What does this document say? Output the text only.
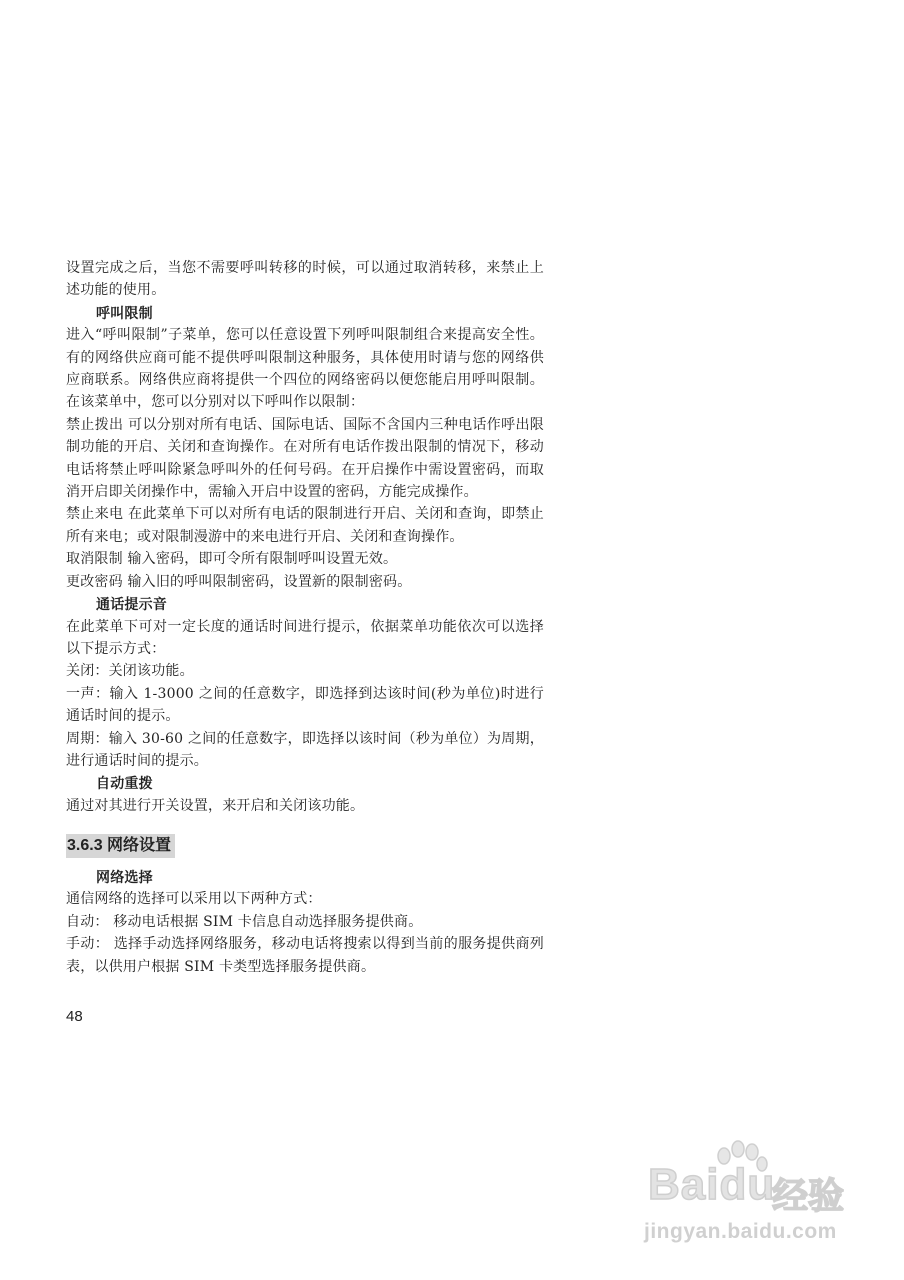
设置完成之后，当您不需要呼叫转移的时候，可以通过取消转移，来禁止上述功能的使用。

呼叫限制

进入“呼叫限制”子菜单，您可以任意设置下列呼叫限制组合来提高安全性。有的网络供应商可能不提供呼叫限制这种服务，具体使用时请与您的网络供应商联系。网络供应商将提供一个四位的网络密码以便您能启用呼叫限制。在该菜单中，您可以分别对以下呼叫作以限制：

禁止拨出 可以分别对所有电话、国际电话、国际不含国内三种电话作呼出限制功能的开启、关闭和查询操作。在对所有电话作拨出限制的情况下，移动电话将禁止呼叫除紧急呼叫外的任何号码。在开启操作中需设置密码，而取消开启即关闭操作中，需输入开启中设置的密码，方能完成操作。

禁止来电 在此菜单下可以对所有电话的限制进行开启、关闭和查询，即禁止所有来电；或对限制漫游中的来电进行开启、关闭和查询操作。

取消限制 输入密码，即可令所有限制呼叫设置无效。

更改密码 输入旧的呼叫限制密码，设置新的限制密码。

通话提示音

在此菜单下可对一定长度的通话时间进行提示，依据菜单功能依次可以选择以下提示方式：

关闭：关闭该功能。

一声：输入 1-3000 之间的任意数字，即选择到达该时间(秒为单位)时进行通话时间的提示。

周期：输入 30-60 之间的任意数字，即选择以该时间（秒为单位）为周期，进行通话时间的提示。

自动重拨

通过对其进行开关设置，来开启和关闭该功能。

3.6.3 网络设置
网络选择

通信网络的选择可以采用以下两种方式：

自动： 移动电话根据 SIM 卡信息自动选择服务提供商。

手动： 选择手动选择网络服务，移动电话将搜索以得到当前的服务提供商列表，以供用户根据 SIM 卡类型选择服务提供商。

48
Baidu
经验
jingyan.baidu.com
